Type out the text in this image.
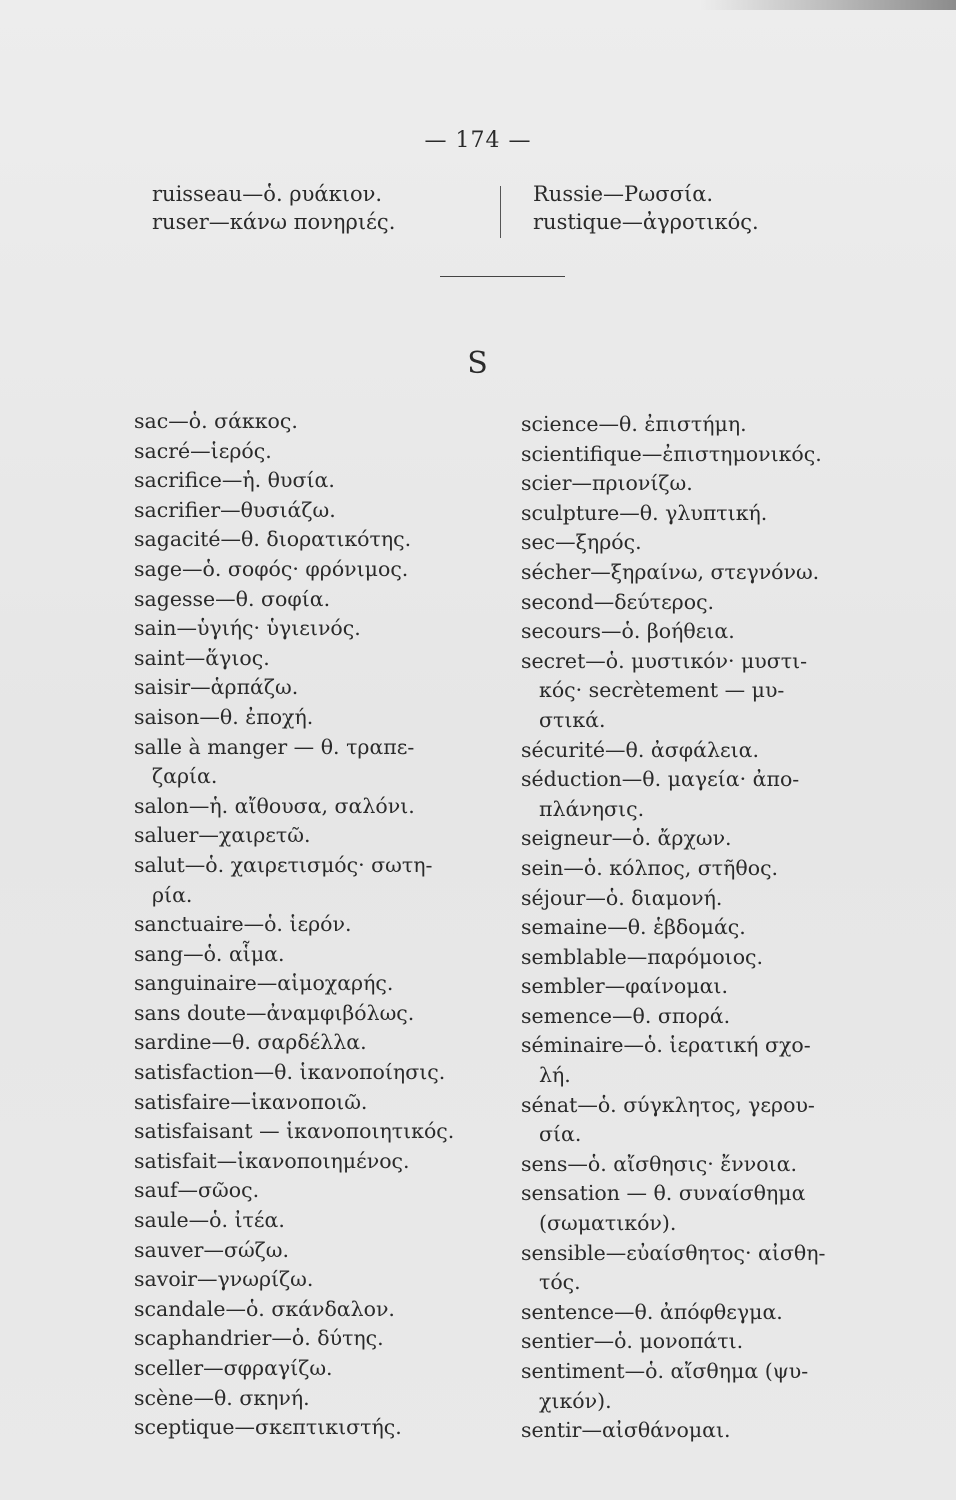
— 174 —

ruisseau—ὁ. ρυάκιον.

ruser—κάνω πονηριές.

Russie—Ρωσσία.

rustique—ἀγροτικός.

S

sac—ὁ. σάκκος.

sacré—ἱερός.

sacrifice—ἡ. θυσία.

sacrifier—θυσιάζω.

sagacité—θ. διορατικότης.

sage—ὁ. σοφός· φρόνιμος.

sagesse—θ. σοφία.

sain—ὑγιής· ὑγιεινός.

saint—ἅγιος.

saisir—ἁρπάζω.

saison—θ. ἐποχή.

salle à manger — θ. τραπε-
ζαρία.

salon—ἡ. αἴθουσα, σαλόνι.

saluer—χαιρετῶ.

salut—ὁ. χαιρετισμός· σωτη-
ρία.

sanctuaire—ὁ. ἱερόν.

sang—ὁ. αἷμα.

sanguinaire—αἱμοχαρής.

sans doute—ἀναμφιβόλως.

sardine—θ. σαρδέλλα.

satisfaction—θ. ἱκανοποίησις.

satisfaire—ἱκανοποιῶ.

satisfaisant — ἱκανοποιητικός.

satisfait—ἱκανοποιημένος.

sauf—σῶος.

saule—ὁ. ἰτέα.

sauver—σώζω.

savoir—γνωρίζω.

scandale—ὁ. σκάνδαλον.

scaphandrier—ὁ. δύτης.

sceller—σφραγίζω.

scène—θ. σκηνή.

sceptique—σκεπτικιστής.

science—θ. ἐπιστήμη.

scientifique—ἐπιστημονικός.

scier—πριονίζω.

sculpture—θ. γλυπτική.

sec—ξηρός.

sécher—ξηραίνω, στεγνόνω.

second—δεύτερος.

secours—ὁ. βοήθεια.

secret—ὁ. μυστικόν· μυστι-
κός· secrètement — μυ-

στικά.

sécurité—θ. ἀσφάλεια.

séduction—θ. μαγεία· ἀπο-
πλάνησις.

seigneur—ὁ. ἄρχων.

sein—ὁ. κόλπος, στῆθος.

séjour—ὁ. διαμονή.

semaine—θ. ἑβδομάς.

semblable—παρόμοιος.

sembler—φαίνομαι.

semence—θ. σπορά.

séminaire—ὁ. ἱερατική σχο-
λή.

sénat—ὁ. σύγκλητος, γερου-
σία.

sens—ὁ. αἴσθησις· ἔννοια.

sensation — θ. συναίσθημα
(σωματικόν).

sensible—εὐαίσθητος· αἰσθη-
τός.

sentence—θ. ἀπόφθεγμα.

sentier—ὁ. μονοπάτι.

sentiment—ὁ. αἴσθημα (ψυ-
χικόν).

sentir—αἰσθάνομαι.
